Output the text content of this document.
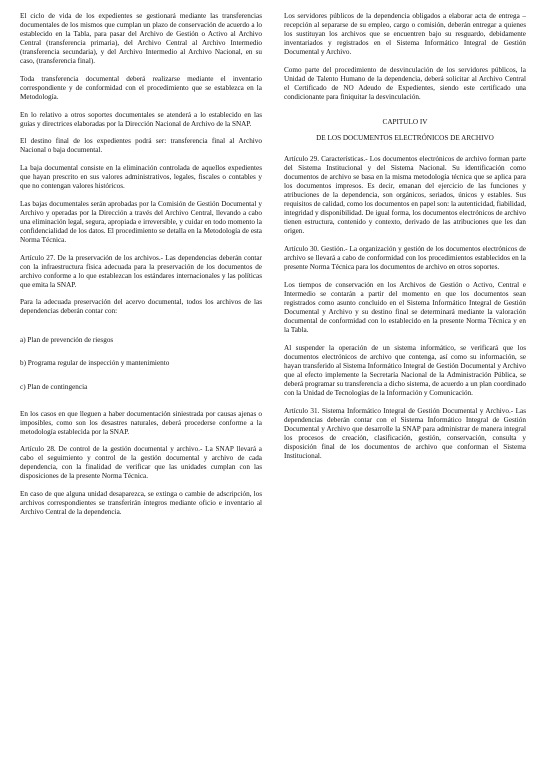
El ciclo de vida de los expedientes se gestionará mediante las transferencias documentales de los mismos que cumplan un plazo de conservación de acuerdo a lo establecido en la Tabla, para pasar del Archivo de Gestión o Activo al Archivo Central (transferencia primaria), del Archivo Central al Archivo Intermedio (transferencia secundaria), y del Archivo Intermedio al Archivo Nacional, en su caso, (transferencia final).

Toda transferencia documental deberá realizarse mediante el inventario correspondiente y de conformidad con el procedimiento que se establezca en la Metodología.

En lo relativo a otros soportes documentales se atenderá a lo establecido en las guías y directrices elaboradas por la Dirección Nacional de Archivo de la SNAP.

El destino final de los expedientes podrá ser: transferencia final al Archivo Nacional o baja documental.

La baja documental consiste en la eliminación controlada de aquellos expedientes que hayan prescrito en sus valores administrativos, legales, fiscales o contables y que no contengan valores históricos.

Las bajas documentales serán aprobadas por la Comisión de Gestión Documental y Archivo y operadas por la Dirección a través del Archivo Central, llevando a cabo una eliminación legal, segura, apropiada e irreversible, y cuidar en todo momento la confidencialidad de los datos. El procedimiento se detalla en la Metodología de esta Norma Técnica.

Artículo 27. De la preservación de los archivos.- Las dependencias deberán contar con la infraestructura física adecuada para la preservación de los documentos de archivo conforme a lo que establezcan los estándares internacionales y las políticas que emita la SNAP.

Para la adecuada preservación del acervo documental, todos los archivos de las dependencias deberán contar con:

a) Plan de prevención de riesgos

b) Programa regular de inspección y mantenimiento

c) Plan de contingencia

En los casos en que lleguen a haber documentación siniestrada por causas ajenas o imposibles, como son los desastres naturales, deberá procederse conforme a la metodología establecida por la SNAP.

Artículo 28. De control de la gestión documental y archivo.- La SNAP llevará a cabo el seguimiento y control de la gestión documental y archivo de cada dependencia, con la finalidad de verificar que las unidades cumplan con las disposiciones de la presente Norma Técnica.

En caso de que alguna unidad desaparezca, se extinga o cambie de adscripción, los archivos correspondientes se transferirán íntegros mediante oficio e inventario al Archivo Central de la dependencia.

Los servidores públicos de la dependencia obligados a elaborar acta de entrega – recepción al separarse de su empleo, cargo o comisión, deberán entregar a quienes los sustituyan los archivos que se encuentren bajo su resguardo, debidamente inventariados y registrados en el Sistema Informático Integral de Gestión Documental y Archivo.

Como parte del procedimiento de desvinculación de los servidores públicos, la Unidad de Talento Humano de la dependencia, deberá solicitar al Archivo Central el Certificado de NO Adeudo de Expedientes, siendo este certificado una condicionante para finiquitar la desvinculación.

CAPITULO IV

DE LOS DOCUMENTOS ELECTRÓNICOS DE ARCHIVO

Artículo 29. Características.- Los documentos electrónicos de archivo forman parte del Sistema Institucional y del Sistema Nacional. Su identificación como documentos de archivo se basa en la misma metodología técnica que se aplica para los documentos impresos. Es decir, emanan del ejercicio de las funciones y atribuciones de la dependencia, son orgánicos, seriados, únicos y estables. Sus requisitos de calidad, como los documentos en papel son: la autenticidad, fiabilidad, integridad y disponibilidad. De igual forma, los documentos electrónicos de archivo tienen estructura, contenido y contexto, derivado de las atribuciones que les dan origen.

Artículo 30. Gestión.- La organización y gestión de los documentos electrónicos de archivo se llevará a cabo de conformidad con los procedimientos establecidos en la presente Norma Técnica para los documentos de archivo en otros soportes.

Los tiempos de conservación en los Archivos de Gestión o Activo, Central e Intermedio se contarán a partir del momento en que los documentos sean registrados como asunto concluido en el Sistema Informático Integral de Gestión Documental y Archivo y su destino final se determinará mediante la valoración documental de conformidad con lo establecido en la presente Norma Técnica y en la Tabla.

Al suspender la operación de un sistema informático, se verificará que los documentos electrónicos de archivo que contenga, así como su información, se hayan transferido al Sistema Informático Integral de Gestión Documental y Archivo que al efecto implemente la Secretaría Nacional de la Administración Pública, se deberá programar su transferencia a dicho sistema, de acuerdo a un plan coordinado con la Unidad de Tecnologías de la Información y Comunicación.

Artículo 31. Sistema Informático Integral de Gestión Documental y Archivo.- Las dependencias deberán contar con el Sistema Informático Integral de Gestión Documental y Archivo que desarrolle la SNAP para administrar de manera integral los procesos de creación, clasificación, gestión, conservación, consulta y disposición final de los documentos de archivo que conforman el Sistema Institucional.
